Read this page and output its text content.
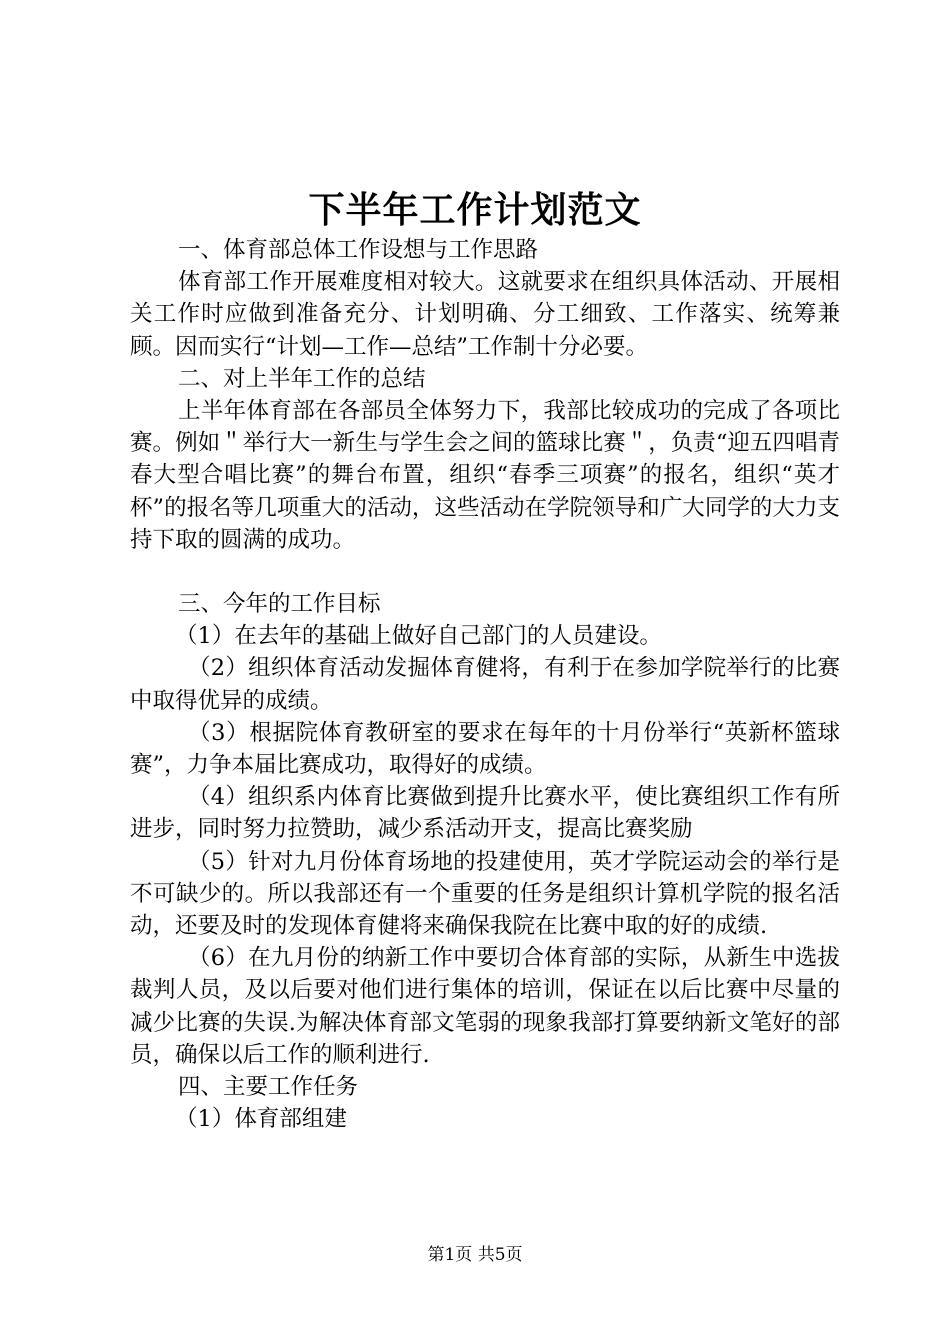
下半年工作计划范文

一、体育部总体工作设想与工作思路

体育部工作开展难度相对较大。这就要求在组织具体活动、开展相关工作时应做到准备充分、计划明确、分工细致、工作落实、统筹兼顾。因而实行“计划—工作—总结”工作制十分必要。

二、对上半年工作的总结

上半年体育部在各部员全体努力下，我部比较成功的完成了各项比赛。例如＂举行大一新生与学生会之间的篮球比赛＂，负责“迎五四唱青春大型合唱比赛”的舞台布置，组织“春季三项赛”的报名，组织“英才杯”的报名等几项重大的活动，这些活动在学院领导和广大同学的大力支持下取的圆满的成功。

三、今年的工作目标

（1）在去年的基础上做好自己部门的人员建设。

（2）组织体育活动发掘体育健将，有利于在参加学院举行的比赛中取得优异的成绩。

（3）根据院体育教研室的要求在每年的十月份举行“英新杯篮球赛”，力争本届比赛成功，取得好的成绩。

（4）组织系内体育比赛做到提升比赛水平，使比赛组织工作有所进步，同时努力拉赞助，减少系活动开支，提高比赛奖励

（5）针对九月份体育场地的投建使用，英才学院运动会的举行是不可缺少的。所以我部还有一个重要的任务是组织计算机学院的报名活动，还要及时的发现体育健将来确保我院在比赛中取的好的成绩.

（6）在九月份的纳新工作中要切合体育部的实际，从新生中选拔裁判人员，及以后要对他们进行集体的培训，保证在以后比赛中尽量的减少比赛的失误.为解决体育部文笔弱的现象我部打算要纳新文笔好的部员，确保以后工作的顺利进行.

四、主要工作任务

（1）体育部组建

第1页 共5页
